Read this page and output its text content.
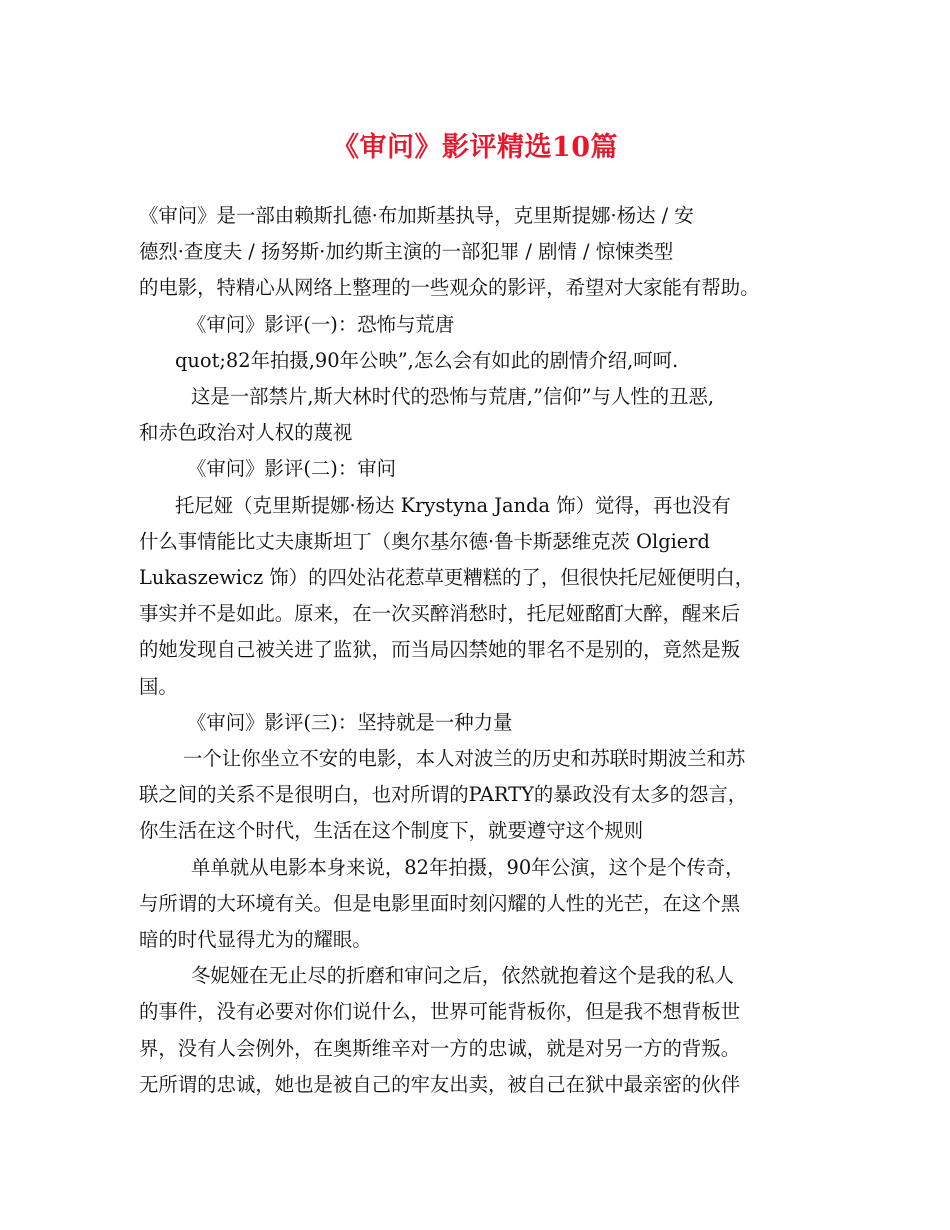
《审问》影评精选10篇

《审问》是一部由赖斯扎德·布加斯基执导，克里斯提娜·杨达 / 安

德烈·查度夫 / 扬努斯·加约斯主演的一部犯罪 / 剧情 / 惊悚类型

的电影，特精心从网络上整理的一些观众的影评，希望对大家能有帮助。

《审问》影评(一)：恐怖与荒唐

quot;82年拍摄,90年公映”,怎么会有如此的剧情介绍,呵呵.

这是一部禁片,斯大林时代的恐怖与荒唐,”信仰”与人性的丑恶,

和赤色政治对人权的蔑视

《审问》影评(二)：审问

托尼娅（克里斯提娜·杨达 Krystyna Janda 饰）觉得，再也没有

什么事情能比丈夫康斯坦丁（奥尔基尔德·鲁卡斯瑟维克茨 Olgierd

Lukaszewicz 饰）的四处沾花惹草更糟糕的了，但很快托尼娅便明白，

事实并不是如此。原来，在一次买醉消愁时，托尼娅酩酊大醉，醒来后

的她发现自己被关进了监狱，而当局囚禁她的罪名不是别的，竟然是叛

国。

《审问》影评(三)：坚持就是一种力量

一个让你坐立不安的电影，本人对波兰的历史和苏联时期波兰和苏

联之间的关系不是很明白，也对所谓的PARTY的暴政没有太多的怨言，

你生活在这个时代，生活在这个制度下，就要遵守这个规则

单单就从电影本身来说，82年拍摄，90年公演，这个是个传奇，

与所谓的大环境有关。但是电影里面时刻闪耀的人性的光芒，在这个黑

暗的时代显得尤为的耀眼。

冬妮娅在无止尽的折磨和审问之后，依然就抱着这个是我的私人

的事件，没有必要对你们说什么，世界可能背板你，但是我不想背板世

界，没有人会例外，在奥斯维辛对一方的忠诚，就是对另一方的背叛。

无所谓的忠诚，她也是被自己的牢友出卖，被自己在狱中最亲密的伙伴
